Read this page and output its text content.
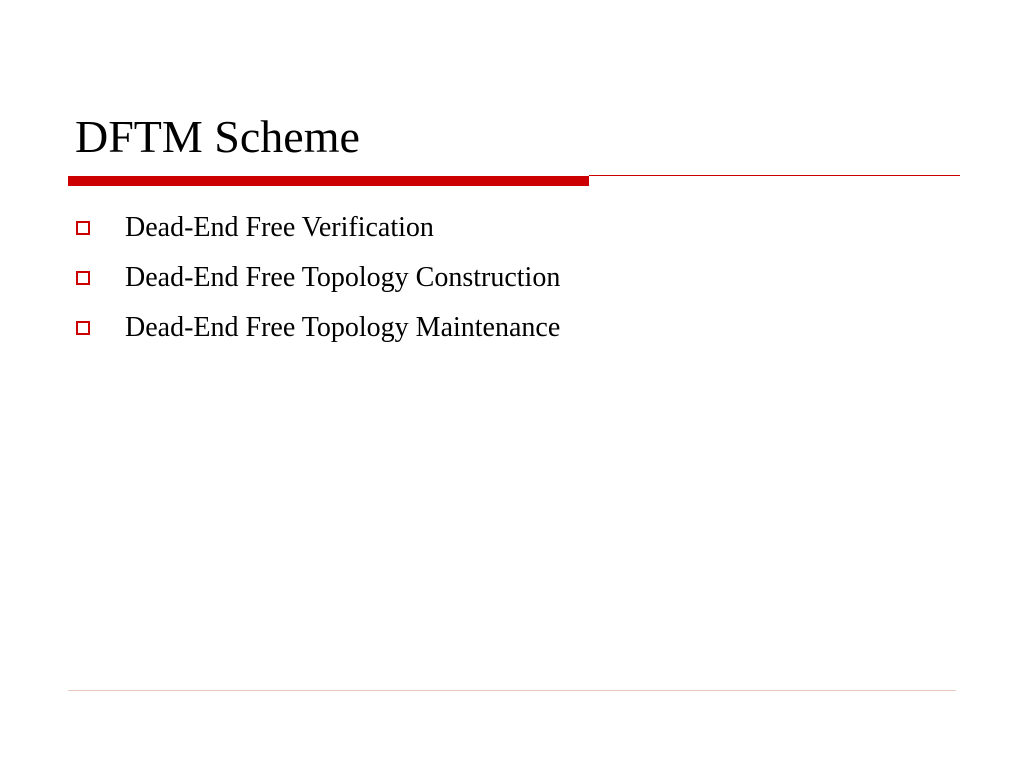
DFTM Scheme
Dead-End Free Verification
Dead-End Free Topology Construction
Dead-End Free Topology Maintenance
